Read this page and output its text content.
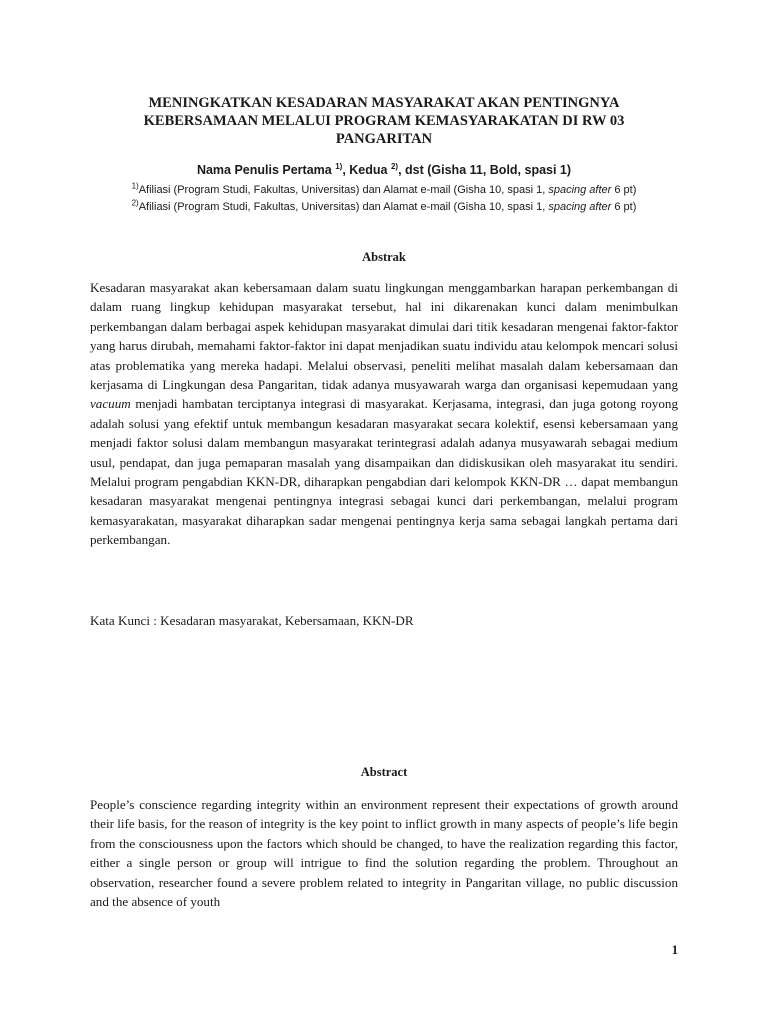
MENINGKATKAN KESADARAN MASYARAKAT AKAN PENTINGNYA
KEBERSAMAAN MELALUI PROGRAM KEMASYARAKATAN DI RW 03
PANGARITAN
Nama Penulis Pertama $^{1)}$, Kedua $^{2)}$, dst (Gisha 11, Bold, spasi 1)
$^{1)}$Afiliasi (Program Studi, Fakultas, Universitas) dan Alamat e-mail (Gisha 10, spasi 1, spacing after 6 pt)
$^{2)}$Afiliasi (Program Studi, Fakultas, Universitas) dan Alamat e-mail (Gisha 10, spasi 1, spacing after 6 pt)
Abstrak
Kesadaran masyarakat akan kebersamaan dalam suatu lingkungan menggambarkan harapan perkembangan di dalam ruang lingkup kehidupan masyarakat tersebut, hal ini dikarenakan kunci dalam menimbulkan perkembangan dalam berbagai aspek kehidupan masyarakat dimulai dari titik kesadaran mengenai faktor-faktor yang harus dirubah, memahami faktor-faktor ini dapat menjadikan suatu individu atau kelompok mencari solusi atas problematika yang mereka hadapi. Melalui observasi, peneliti melihat masalah dalam kebersamaan dan kerjasama di Lingkungan desa Pangaritan, tidak adanya musyawarah warga dan organisasi kepemudaan yang vacuum menjadi hambatan terciptanya integrasi di masyarakat. Kerjasama, integrasi, dan juga gotong royong adalah solusi yang efektif untuk membangun kesadaran masyarakat secara kolektif, esensi kebersamaan yang menjadi faktor solusi dalam membangun masyarakat terintegrasi adalah adanya musyawarah sebagai medium usul, pendapat, dan juga pemaparan masalah yang disampaikan dan didiskusikan oleh masyarakat itu sendiri. Melalui program pengabdian KKN-DR, diharapkan pengabdian dari kelompok KKN-DR … dapat membangun kesadaran masyarakat mengenai pentingnya integrasi sebagai kunci dari perkembangan, melalui program kemasyarakatan, masyarakat diharapkan sadar mengenai pentingnya kerja sama sebagai langkah pertama dari perkembangan.
Kata Kunci : Kesadaran masyarakat, Kebersamaan, KKN-DR
Abstract
People’s conscience regarding integrity within an environment represent their expectations of growth around their life basis, for the reason of integrity is the key point to inflict growth in many aspects of people’s life begin from the consciousness upon the factors which should be changed, to have the realization regarding this factor, either a single person or group will intrigue to find the solution regarding the problem. Throughout an observation, researcher found a severe problem related to integrity in Pangaritan village, no public discussion and the absence of youth
1
